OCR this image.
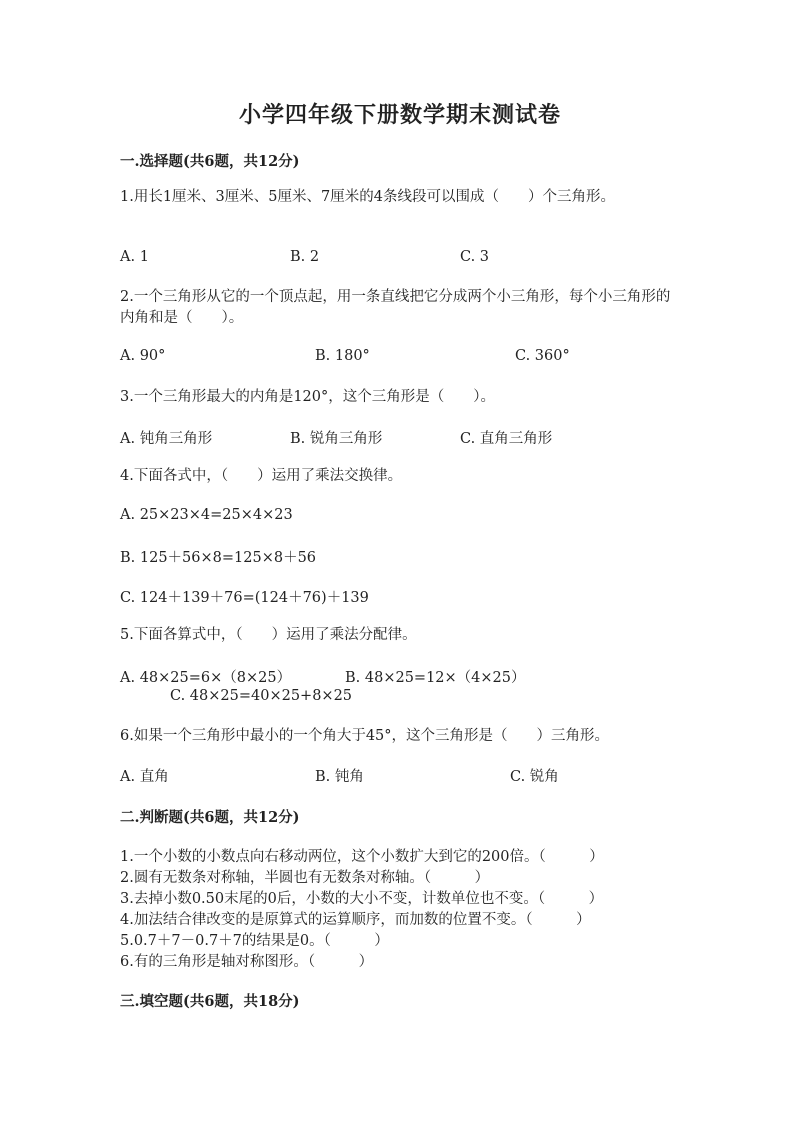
小学四年级下册数学期末测试卷
一.选择题(共6题，共12分)
1.用长1厘米、3厘米、5厘米、7厘米的4条线段可以围成（　　）个三角形。
A. 1	B. 2	C. 3
2.一个三角形从它的一个顶点起，用一条直线把它分成两个小三角形，每个小三角形的内角和是（　　）。
A. 90°	B. 180°	C. 360°
3.一个三角形最大的内角是120°，这个三角形是（　　）。
A. 钝角三角形	B. 锐角三角形	C. 直角三角形
4.下面各式中，（　　）运用了乘法交换律。
A. 25×23×4=25×4×23
B. 125＋56×8=125×8＋56
C. 124＋139＋76=(124＋76)＋139
5.下面各算式中，（　　）运用了乘法分配律。
A. 48×25=6×（8×25）	B. 48×25=12×（4×25）
C. 48×25=40×25+8×25
6.如果一个三角形中最小的一个角大于45°，这个三角形是（　　）三角形。
A. 直角	B. 钝角	C. 锐角
二.判断题(共6题，共12分)
1.一个小数的小数点向右移动两位，这个小数扩大到它的200倍。（　　　）
2.圆有无数条对称轴，半圆也有无数条对称轴。（　　　）
3.去掉小数0.50末尾的0后，小数的大小不变，计数单位也不变。（　　　）
4.加法结合律改变的是原算式的运算顺序，而加数的位置不变。（　　　）
5.0.7＋7－0.7＋7的结果是0。（　　　）
6.有的三角形是轴对称图形。（　　　）
三.填空题(共6题，共18分)
